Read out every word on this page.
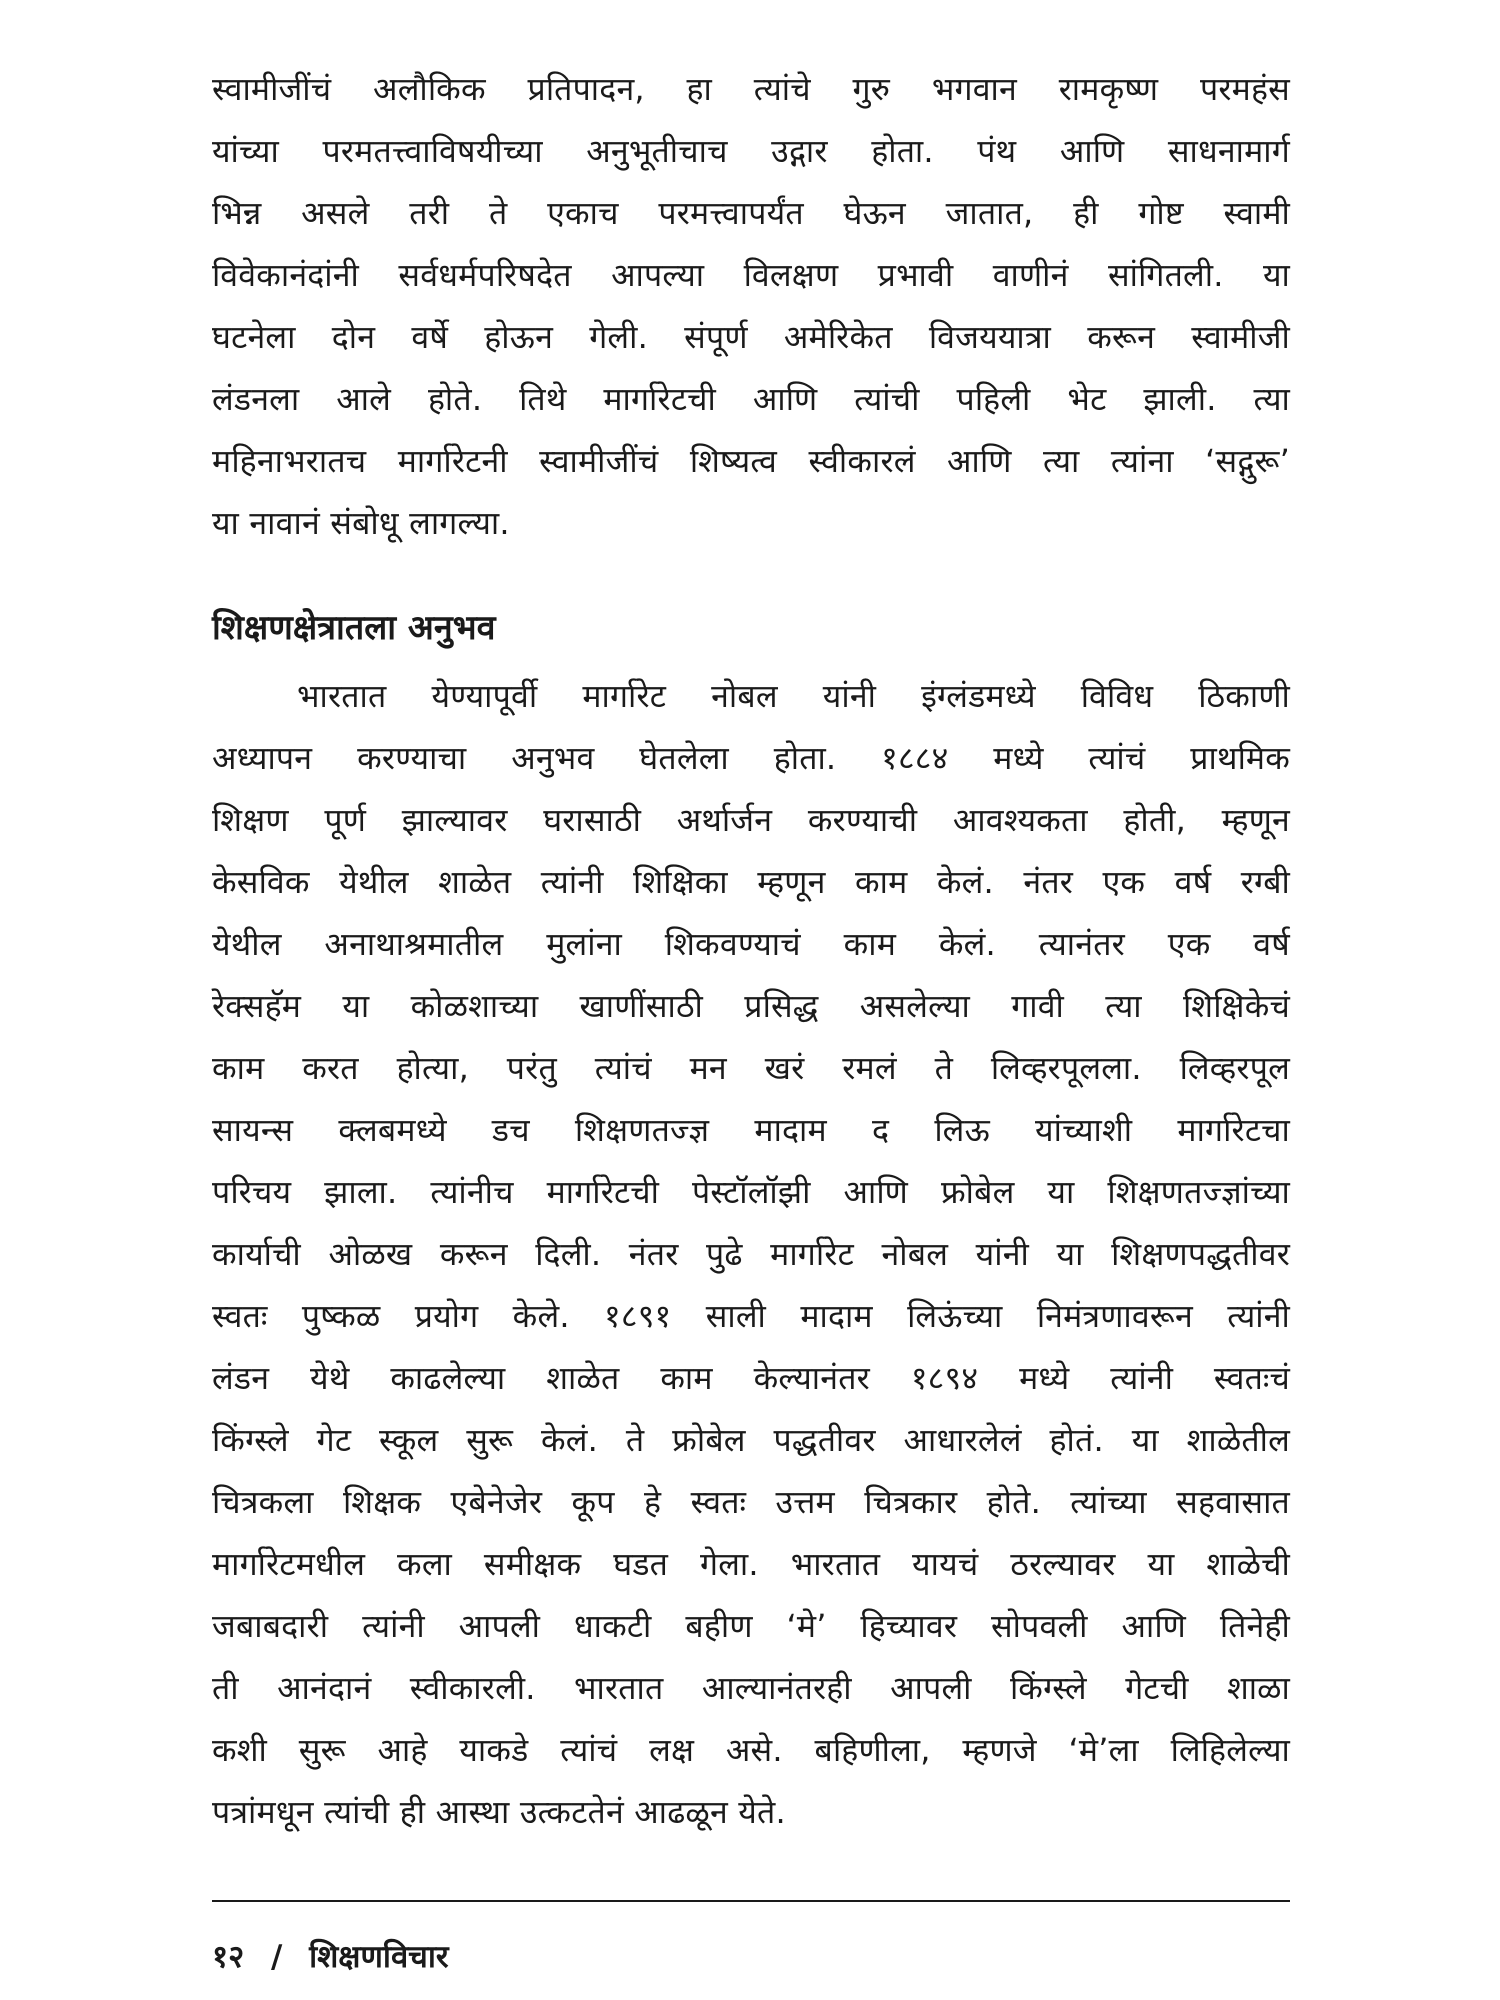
स्वामीजींचं अलौकिक प्रतिपादन, हा त्यांचे गुरु भगवान रामकृष्ण परमहंस
यांच्या परमतत्त्वाविषयीच्या अनुभूतीचाच उद्गार होता. पंथ आणि साधनामार्ग
भिन्न असले तरी ते एकाच परमत्त्वापर्यंत घेऊन जातात, ही गोष्ट स्वामी
विवेकानंदांनी सर्वधर्मपरिषदेत आपल्या विलक्षण प्रभावी वाणीनं सांगितली. या
घटनेला दोन वर्षे होऊन गेली. संपूर्ण अमेरिकेत विजययात्रा करून स्वामीजी
लंडनला आले होते. तिथे मार्गारेटची आणि त्यांची पहिली भेट झाली. त्या
महिनाभरातच मार्गारेटनी स्वामीजींचं शिष्यत्व स्वीकारलं आणि त्या त्यांना ‘सद्गुरू’
या नावानं संबोधू लागल्या.
शिक्षणक्षेत्रातला अनुभव
भारतात येण्यापूर्वी मार्गारेट नोबल यांनी इंग्लंडमध्ये विविध ठिकाणी
अध्यापन करण्याचा अनुभव घेतलेला होता. १८८४ मध्ये त्यांचं प्राथमिक
शिक्षण पूर्ण झाल्यावर घरासाठी अर्थार्जन करण्याची आवश्यकता होती, म्हणून
केसविक येथील शाळेत त्यांनी शिक्षिका म्हणून काम केलं. नंतर एक वर्ष रग्बी
येथील अनाथाश्रमातील मुलांना शिकवण्याचं काम केलं. त्यानंतर एक वर्ष
रेक्सहॅम या कोळशाच्या खाणींसाठी प्रसिद्ध असलेल्या गावी त्या शिक्षिकेचं
काम करत होत्या, परंतु त्यांचं मन खरं रमलं ते लिव्हरपूलला. लिव्हरपूल
सायन्स क्लबमध्ये डच शिक्षणतज्ज्ञ मादाम द लिऊ यांच्याशी मार्गारेटचा
परिचय झाला. त्यांनीच मार्गारेटची पेस्टॉलॉझी आणि फ्रोबेल या शिक्षणतज्ज्ञांच्या
कार्याची ओळख करून दिली. नंतर पुढे मार्गारेट नोबल यांनी या शिक्षणपद्धतीवर
स्वतः पुष्कळ प्रयोग केले. १८९१ साली मादाम लिऊंच्या निमंत्रणावरून त्यांनी
लंडन येथे काढलेल्या शाळेत काम केल्यानंतर १८९४ मध्ये त्यांनी स्वतःचं
किंग्स्ले गेट स्कूल सुरू केलं. ते फ्रोबेल पद्धतीवर आधारलेलं होतं. या शाळेतील
चित्रकला शिक्षक एबेनेजेर कूप हे स्वतः उत्तम चित्रकार होते. त्यांच्या सहवासात
मार्गारेटमधील कला समीक्षक घडत गेला. भारतात यायचं ठरल्यावर या शाळेची
जबाबदारी त्यांनी आपली धाकटी बहीण ‘मे’ हिच्यावर सोपवली आणि तिनेही
ती आनंदानं स्वीकारली. भारतात आल्यानंतरही आपली किंग्स्ले गेटची शाळा
कशी सुरू आहे याकडे त्यांचं लक्ष असे. बहिणीला, म्हणजे ‘मे’ला लिहिलेल्या
पत्रांमधून त्यांची ही आस्था उत्कटतेनं आढळून येते.
१२ / शिक्षणविचार
